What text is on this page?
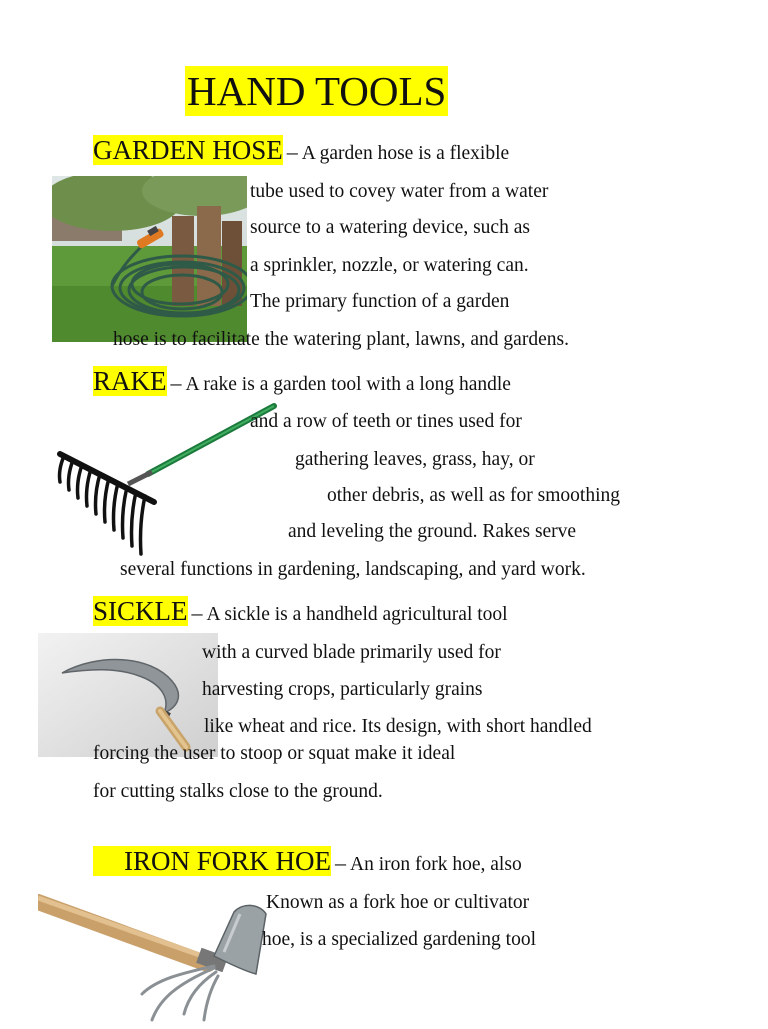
HAND TOOLS
GARDEN HOSE – A garden hose is a flexible
tube used to covey water from a water
source to a watering device, such as
a sprinkler, nozzle, or watering can.
The primary function of a garden
hose is to facilitate the watering plant, lawns, and gardens.
RAKE – A rake is a garden tool with a long handle
and a row of teeth or tines used for
gathering leaves, grass, hay, or
other debris, as well as for smoothing
and leveling the ground. Rakes serve
several functions in gardening, landscaping, and yard work.
SICKLE – A sickle is a handheld agricultural tool
with a curved blade primarily used for
harvesting crops, particularly grains
like wheat and rice. Its design, with short handled
forcing the user to stoop or squat make it ideal
for cutting stalks close to the ground.
IRON FORK HOE – An iron fork hoe, also
Known as a fork hoe or cultivator
hoe, is a specialized gardening tool
